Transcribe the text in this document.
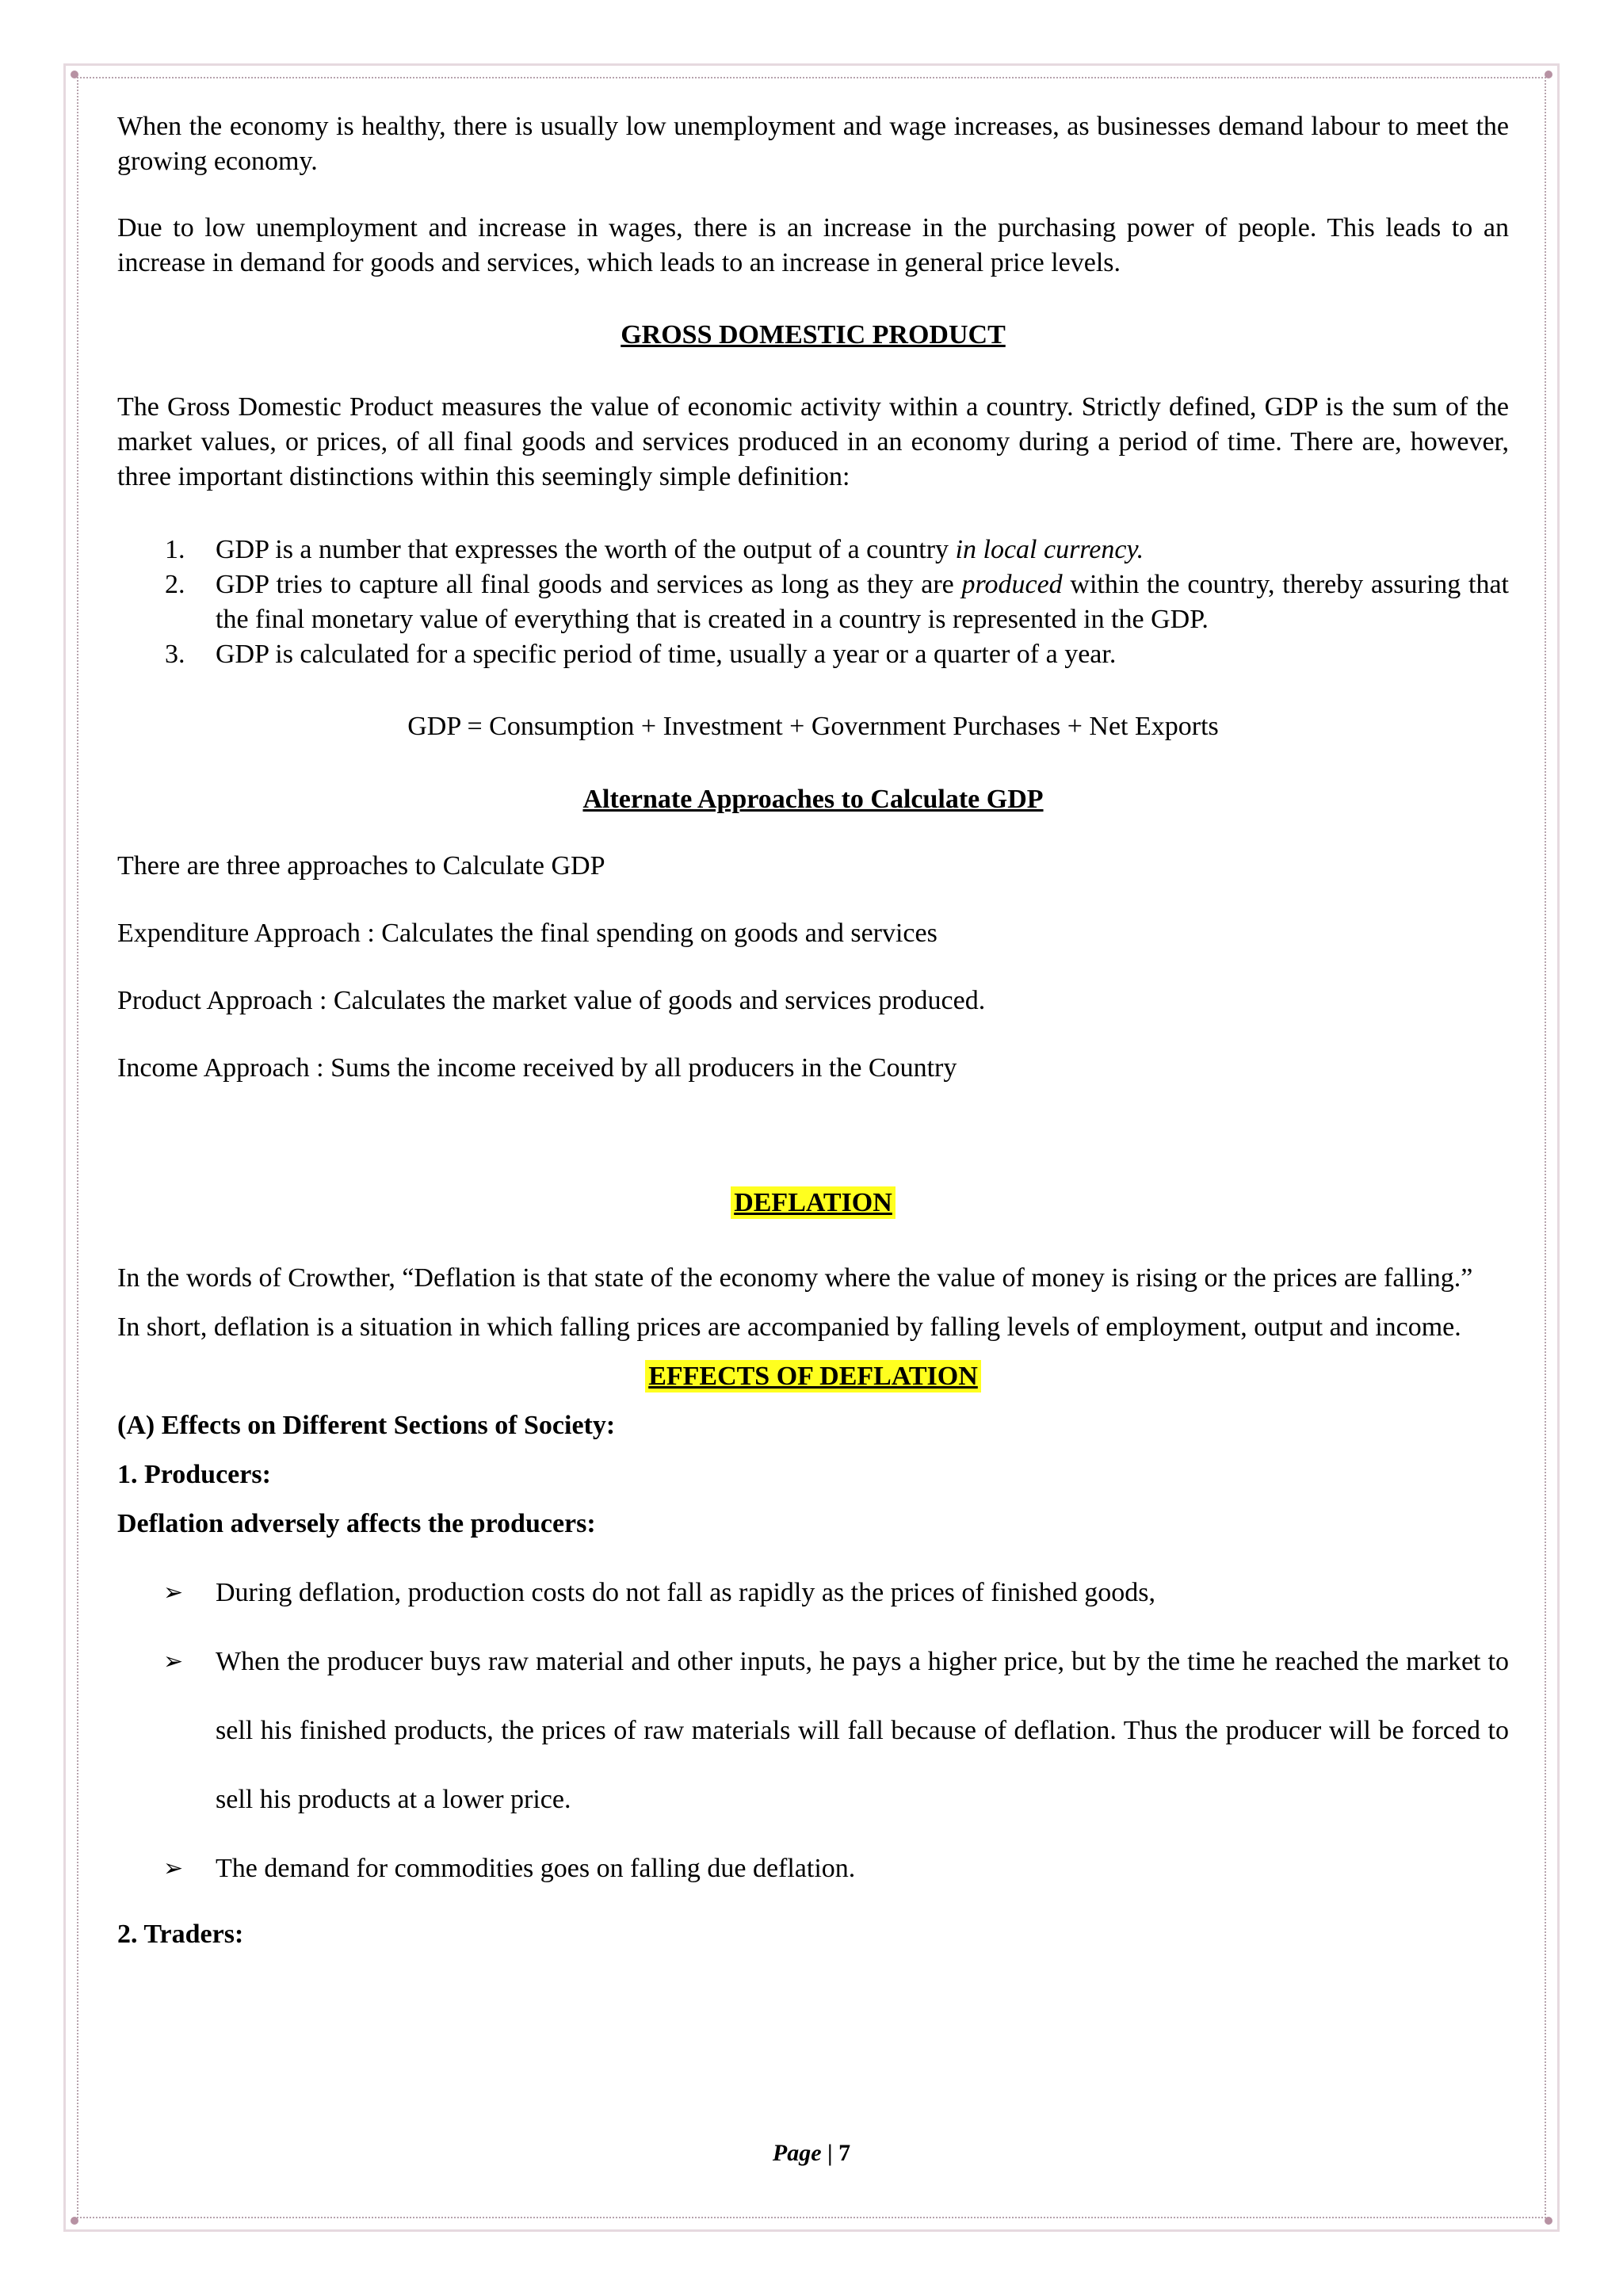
When the economy is healthy, there is usually low unemployment and wage increases, as businesses demand labour to meet the growing economy.

Due to low unemployment and increase in wages, there is an increase in the purchasing power of people. This leads to an increase in demand for goods and services, which leads to an increase in general price levels.

GROSS DOMESTIC PRODUCT

The Gross Domestic Product measures the value of economic activity within a country. Strictly defined, GDP is the sum of the market values, or prices, of all final goods and services produced in an economy during a period of time. There are, however, three important distinctions within this seemingly simple definition:

1. GDP is a number that expresses the worth of the output of a country in local currency.
2. GDP tries to capture all final goods and services as long as they are produced within the country, thereby assuring that the final monetary value of everything that is created in a country is represented in the GDP.
3. GDP is calculated for a specific period of time, usually a year or a quarter of a year.

GDP = Consumption + Investment + Government Purchases + Net Exports

Alternate Approaches to Calculate GDP

There are three approaches to Calculate GDP

Expenditure Approach : Calculates the final spending on goods and services

Product Approach : Calculates the market value of goods and services produced.

Income Approach : Sums the income received by all producers in the Country

DEFLATION

In the words of Crowther, “Deflation is that state of the economy where the value of money is rising or the prices are falling.”

In short, deflation is a situation in which falling prices are accompanied by falling levels of employment, output and income.

EFFECTS OF DEFLATION

(A) Effects on Different Sections of Society:

1. Producers:

Deflation adversely affects the producers:

➢ During deflation, production costs do not fall as rapidly as the prices of finished goods,
➢ When the producer buys raw material and other inputs, he pays a higher price, but by the time he reached the market to sell his finished products, the prices of raw materials will fall because of deflation. Thus the producer will be forced to sell his products at a lower price.
➢ The demand for commodities goes on falling due deflation.

2. Traders:

Page | 7
